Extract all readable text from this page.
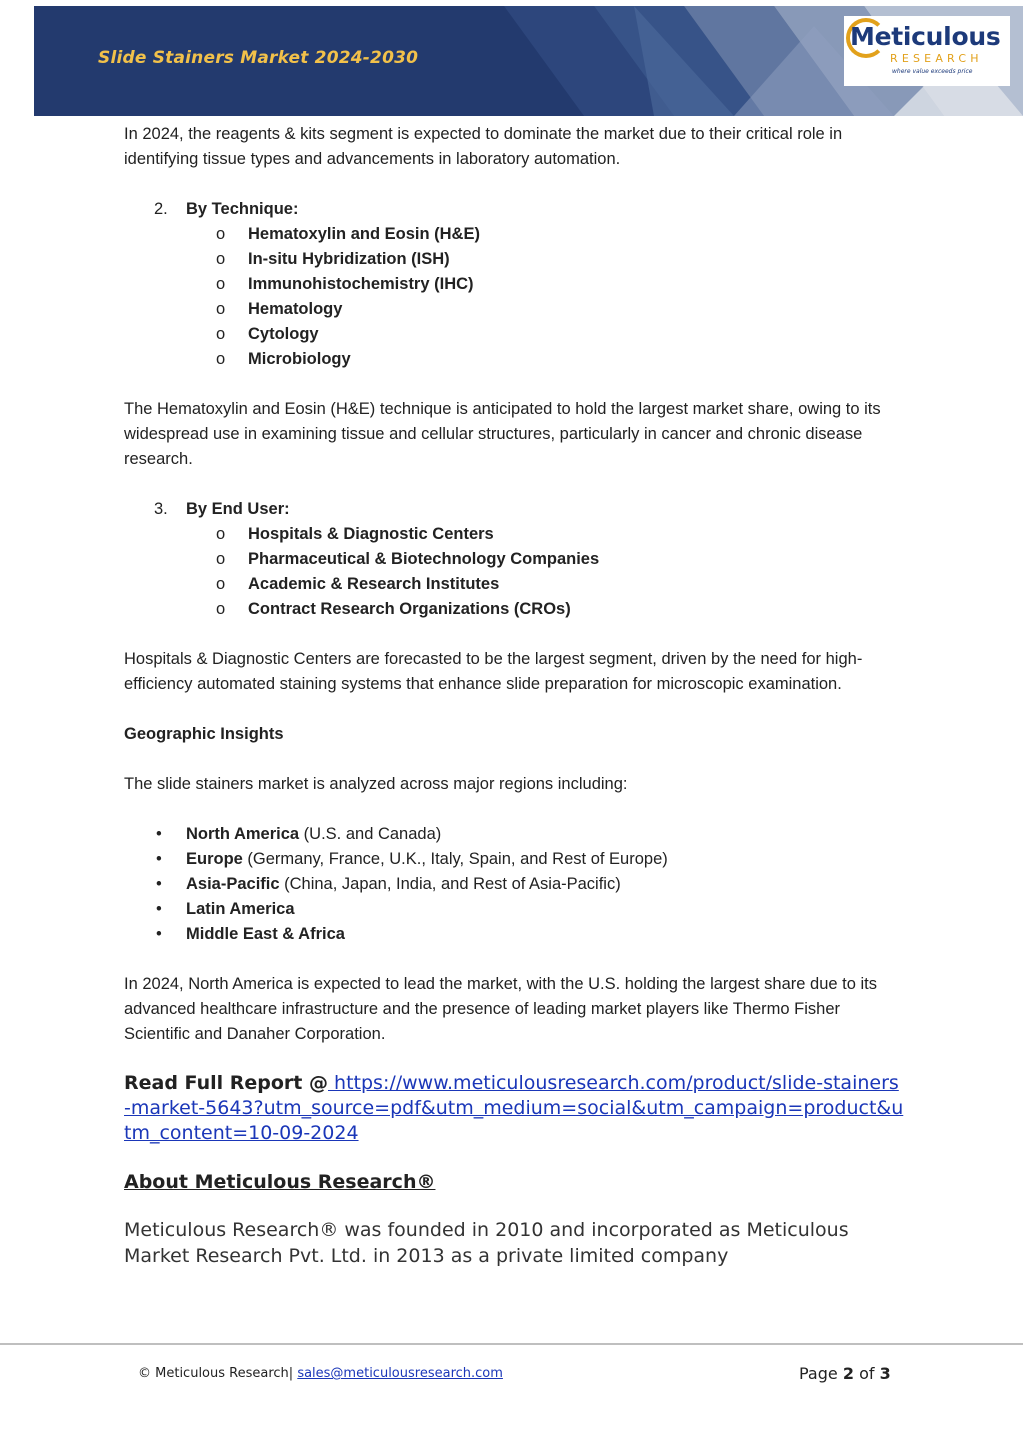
Slide Stainers Market 2024-2030
Meticulous
RESEARCH
where value exceeds price

In 2024, the reagents & kits segment is expected to dominate the market due to their critical role in identifying tissue types and advancements in laboratory automation.

2. By Technique:
o Hematoxylin and Eosin (H&E)
o In-situ Hybridization (ISH)
o Immunohistochemistry (IHC)
o Hematology
o Cytology
o Microbiology

The Hematoxylin and Eosin (H&E) technique is anticipated to hold the largest market share, owing to its widespread use in examining tissue and cellular structures, particularly in cancer and chronic disease research.

3. By End User:
o Hospitals & Diagnostic Centers
o Pharmaceutical & Biotechnology Companies
o Academic & Research Institutes
o Contract Research Organizations (CROs)

Hospitals & Diagnostic Centers are forecasted to be the largest segment, driven by the need for high-efficiency automated staining systems that enhance slide preparation for microscopic examination.

Geographic Insights

The slide stainers market is analyzed across major regions including:

• North America (U.S. and Canada)
• Europe (Germany, France, U.K., Italy, Spain, and Rest of Europe)
• Asia-Pacific (China, Japan, India, and Rest of Asia-Pacific)
• Latin America
• Middle East & Africa

In 2024, North America is expected to lead the market, with the U.S. holding the largest share due to its advanced healthcare infrastructure and the presence of leading market players like Thermo Fisher Scientific and Danaher Corporation.

Read Full Report @ https://www.meticulousresearch.com/product/slide-stainers-market-5643?utm_source=pdf&utm_medium=social&utm_campaign=product&utm_content=10-09-2024

About Meticulous Research®

Meticulous Research® was founded in 2010 and incorporated as Meticulous Market Research Pvt. Ltd. in 2013 as a private limited company

© Meticulous Research| sales@meticulousresearch.com	Page 2 of 3
